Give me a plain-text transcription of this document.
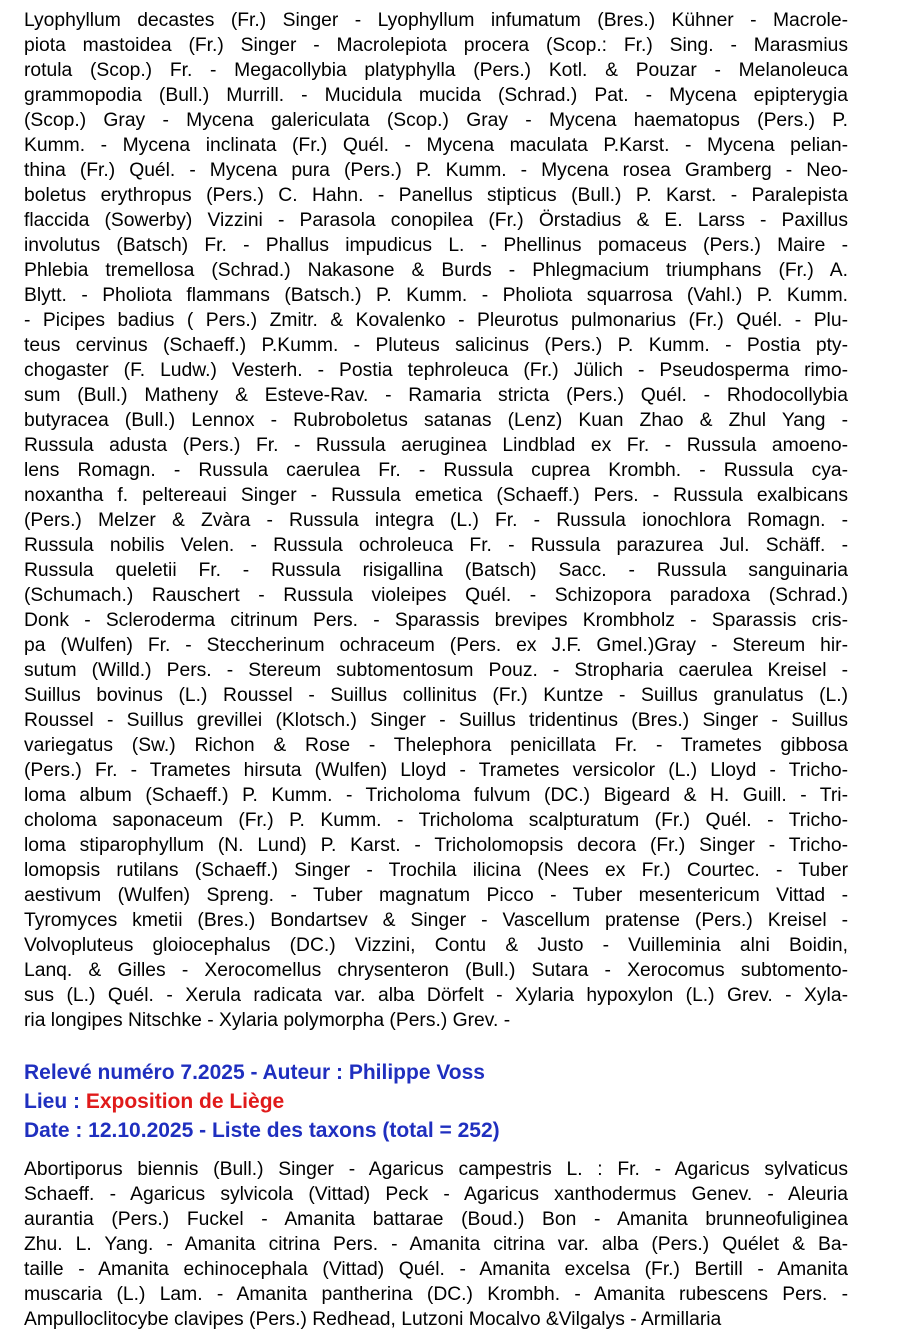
Lyophyllum decastes (Fr.) Singer - Lyophyllum infumatum (Bres.) Kühner - Macrole-
piota mastoidea (Fr.) Singer - Macrolepiota procera (Scop.: Fr.) Sing. - Marasmius
rotula (Scop.) Fr. - Megacollybia platyphylla (Pers.) Kotl. & Pouzar - Melanoleuca
grammopodia (Bull.) Murrill. - Mucidula mucida (Schrad.) Pat. - Mycena epipterygia
(Scop.) Gray - Mycena galericulata (Scop.) Gray - Mycena haematopus (Pers.) P.
Kumm. - Mycena inclinata (Fr.) Quél. - Mycena maculata P.Karst. - Mycena pelian-
thina (Fr.) Quél. - Mycena pura (Pers.) P. Kumm. - Mycena rosea Gramberg - Neo-
boletus erythropus (Pers.) C. Hahn. - Panellus stipticus (Bull.) P. Karst. - Paralepista
flaccida (Sowerby) Vizzini - Parasola conopilea (Fr.) Örstadius & E. Larss - Paxillus
involutus (Batsch) Fr. - Phallus impudicus L. - Phellinus pomaceus (Pers.) Maire -
Phlebia tremellosa (Schrad.) Nakasone & Burds - Phlegmacium triumphans (Fr.) A.
Blytt. - Pholiota flammans (Batsch.) P. Kumm. - Pholiota squarrosa (Vahl.) P. Kumm.
- Picipes badius ( Pers.) Zmitr. & Kovalenko - Pleurotus pulmonarius (Fr.) Quél. - Plu-
teus cervinus (Schaeff.) P.Kumm. - Pluteus salicinus (Pers.) P. Kumm. - Postia pty-
chogaster (F. Ludw.) Vesterh. - Postia tephroleuca (Fr.) Jülich - Pseudosperma rimo-
sum (Bull.) Matheny & Esteve-Rav. - Ramaria stricta (Pers.) Quél. - Rhodocollybia
butyracea (Bull.) Lennox - Rubroboletus satanas (Lenz) Kuan Zhao & Zhul Yang -
Russula adusta (Pers.) Fr. - Russula aeruginea Lindblad ex Fr. - Russula amoeno-
lens Romagn. - Russula caerulea Fr. - Russula cuprea Krombh. - Russula cya-
noxantha f. peltereaui Singer - Russula emetica (Schaeff.) Pers. - Russula exalbicans
(Pers.) Melzer & Zvàra - Russula integra (L.) Fr. - Russula ionochlora Romagn. -
Russula nobilis Velen. - Russula ochroleuca Fr. - Russula parazurea Jul. Schäff. -
Russula queletii Fr. - Russula risigallina (Batsch) Sacc. - Russula sanguinaria
(Schumach.) Rauschert - Russula violeipes Quél. - Schizopora paradoxa (Schrad.)
Donk - Scleroderma citrinum Pers. - Sparassis brevipes Krombholz - Sparassis cris-
pa (Wulfen) Fr. - Steccherinum ochraceum (Pers. ex J.F. Gmel.)Gray - Stereum hir-
sutum (Willd.) Pers. - Stereum subtomentosum Pouz. - Stropharia caerulea Kreisel -
Suillus bovinus (L.) Roussel - Suillus collinitus (Fr.) Kuntze - Suillus granulatus (L.)
Roussel - Suillus grevillei (Klotsch.) Singer - Suillus tridentinus (Bres.) Singer - Suillus
variegatus (Sw.) Richon & Rose - Thelephora penicillata Fr. - Trametes gibbosa
(Pers.) Fr. - Trametes hirsuta (Wulfen) Lloyd - Trametes versicolor (L.) Lloyd - Tricho-
loma album (Schaeff.) P. Kumm. - Tricholoma fulvum (DC.) Bigeard & H. Guill. - Tri-
choloma saponaceum (Fr.) P. Kumm. - Tricholoma scalpturatum (Fr.) Quél. - Tricho-
loma stiparophyllum (N. Lund) P. Karst. - Tricholomopsis decora (Fr.) Singer - Tricho-
lomopsis rutilans (Schaeff.) Singer - Trochila ilicina (Nees ex Fr.) Courtec. - Tuber
aestivum (Wulfen) Spreng. - Tuber magnatum Picco - Tuber mesentericum Vittad -
Tyromyces kmetii (Bres.) Bondartsev & Singer - Vascellum pratense (Pers.) Kreisel -
Volvopluteus gloiocephalus (DC.) Vizzini, Contu & Justo - Vuilleminia alni Boidin,
Lanq. & Gilles - Xerocomellus chrysenteron (Bull.) Sutara - Xerocomus subtomento-
sus (L.) Quél. - Xerula radicata var. alba Dörfelt - Xylaria hypoxylon (L.) Grev. - Xyla-
ria longipes Nitschke - Xylaria polymorpha (Pers.) Grev. -
Relevé numéro 7.2025 - Auteur : Philippe Voss
Lieu : Exposition de Liège
Date : 12.10.2025 - Liste des taxons (total = 252)
Abortiporus biennis (Bull.) Singer - Agaricus campestris L. : Fr. - Agaricus sylvaticus
Schaeff. - Agaricus sylvicola (Vittad) Peck - Agaricus xanthodermus Genev. - Aleuria
aurantia (Pers.) Fuckel - Amanita battarae (Boud.) Bon - Amanita brunneofuliginea
Zhu. L. Yang. - Amanita citrina Pers. - Amanita citrina var. alba (Pers.) Quélet & Ba-
taille - Amanita echinocephala (Vittad) Quél. - Amanita excelsa (Fr.) Bertill - Amanita
muscaria (L.) Lam. - Amanita pantherina (DC.) Krombh. - Amanita rubescens Pers. -
Ampulloclitocybe clavipes (Pers.) Redhead, Lutzoni Mocalvo &Vilgalys - Armillaria
